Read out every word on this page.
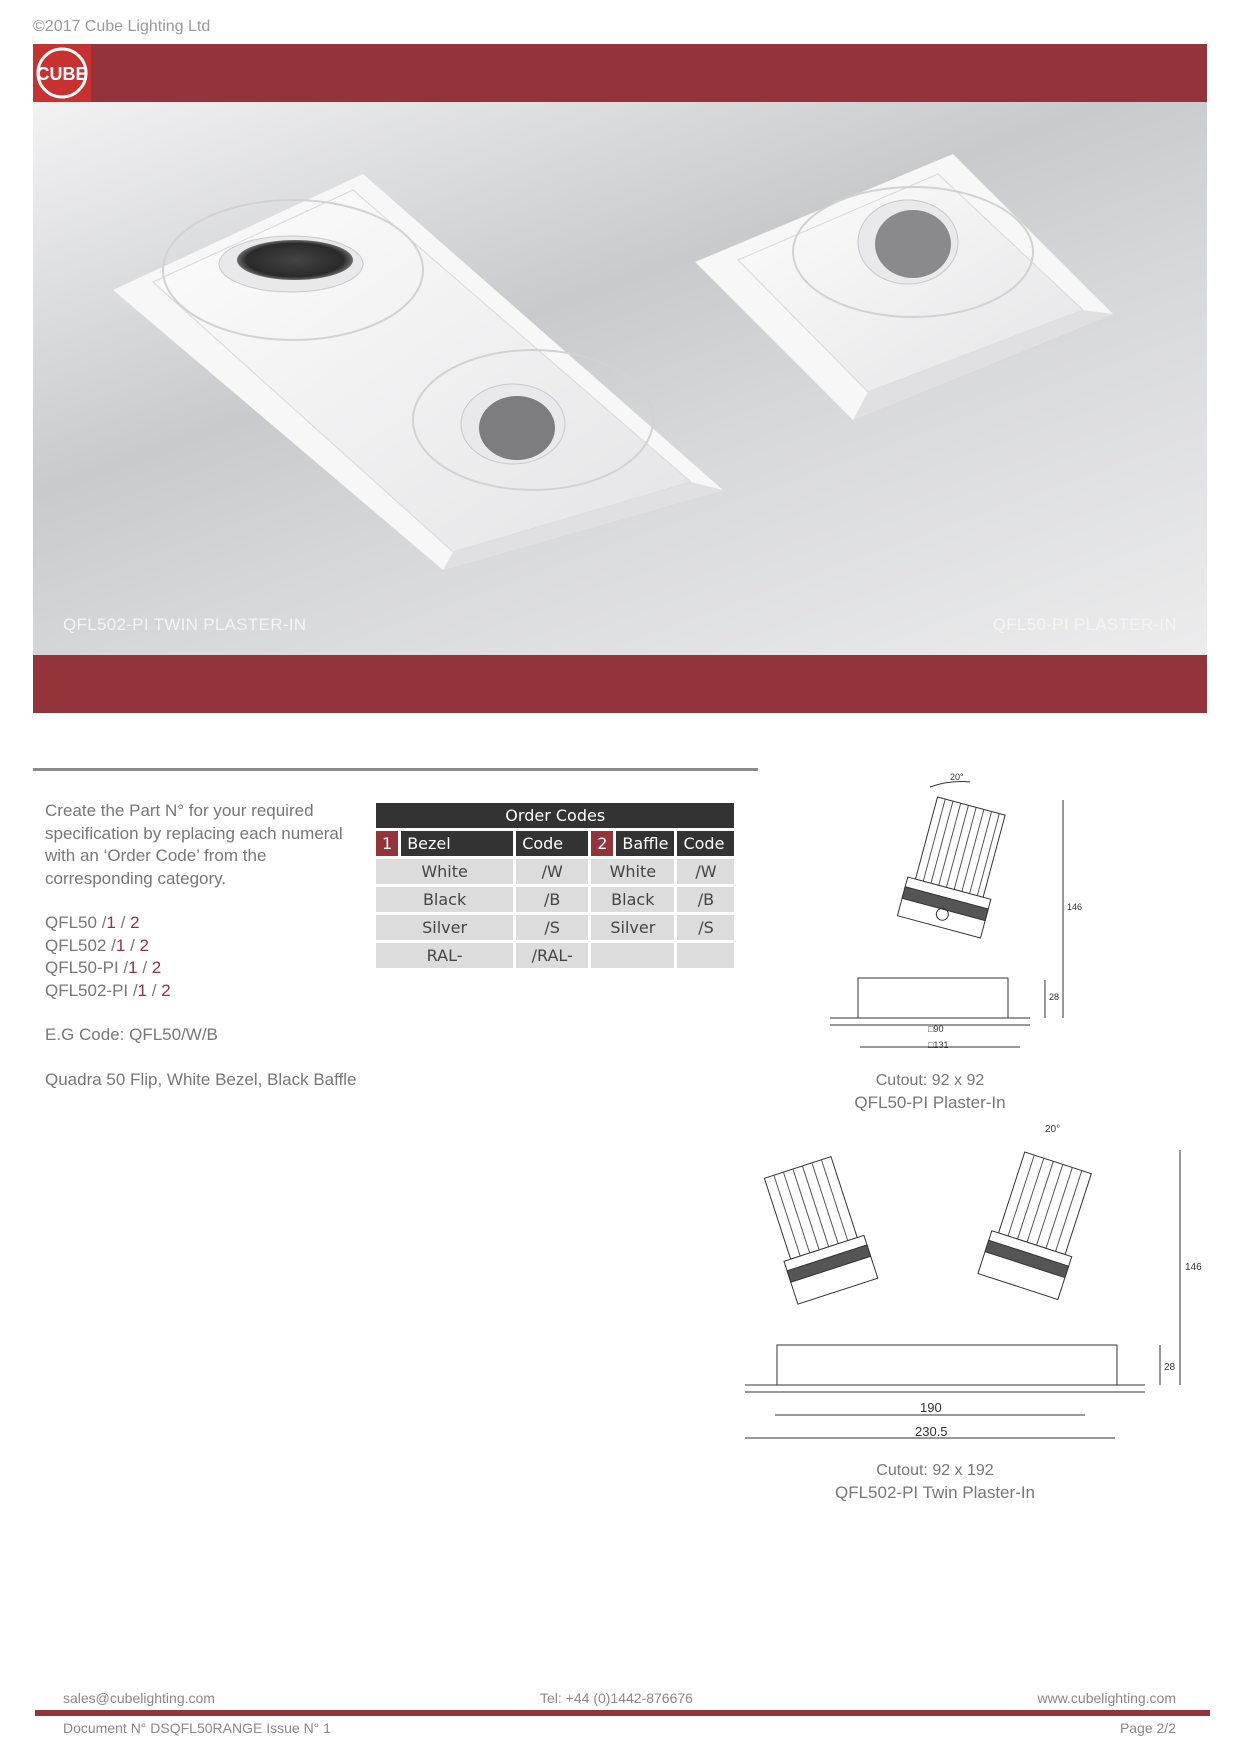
©2017 Cube Lighting Ltd
CUBE
QFL502-PI TWIN PLASTER-IN	QFL50-PI PLASTER-IN
Create the Part N° for your required specification by replacing each numeral with an ‘Order Code’ from the corresponding category.
QFL50 /1 / 2
QFL502 /1 / 2
QFL50-PI /1 / 2
QFL502-PI /1 / 2
E.G Code: QFL50/W/B
Quadra 50 Flip, White Bezel, Black Baffle
Order Codes					
1	Bezel	Code	2	Baffle	Code
White		/W	White		/W
Black		/B	Black		/B
Silver		/S	Silver		/S
RAL-		/RAL-			
20°
146
28
□90
□131
Cutout: 92 x 92
QFL50-PI Plaster-In
20°
146
28
190
230.5
Cutout: 92 x 192
QFL502-PI Twin Plaster-In
sales@cubelighting.com	Tel: +44 (0)1442-876676	www.cubelighting.com
Document N° DSQFL50RANGE Issue N° 1	Page 2/2
